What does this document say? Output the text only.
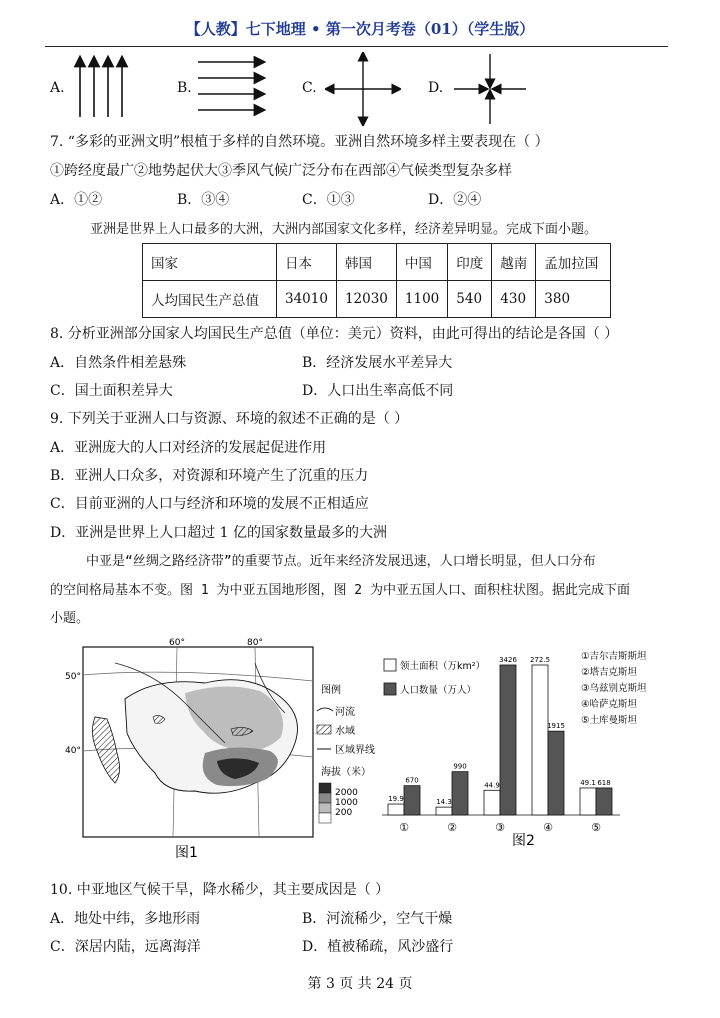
【人教】七下地理 • 第一次月考卷（01）（学生版）
A.	B.	C.	D.
7. “多彩的亚洲文明”根植于多样的自然环境。亚洲自然环境多样主要表现在（ ）
①跨经度最广②地势起伏大③季风气候广泛分布在西部④气候类型复杂多样
A．①②	B．③④	C．①③	D．②④
亚洲是世界上人口最多的大洲，大洲内部国家文化多样，经济差异明显。完成下面小题。
国家	日本	韩国	中国	印度	越南	孟加拉国
人均国民生产总值	34010	12030	1100	540	430	380
8. 分析亚洲部分国家人均国民生产总值（单位：美元）资料，由此可得出的结论是各国（ ）
A．自然条件相差悬殊	B．经济发展水平差异大
C．国土面积差异大	D．人口出生率高低不同
9. 下列关于亚洲人口与资源、环境的叙述不正确的是（ ）
A．亚洲庞大的人口对经济的发展起促进作用
B．亚洲人口众多，对资源和环境产生了沉重的压力
C．目前亚洲的人口与经济和环境的发展不正相适应
D．亚洲是世界上人口超过 1 亿的国家数量最多的大洲
中亚是“丝绸之路经济带”的重要节点。近年来经济发展迅速，人口增长明显，但人口分布
的空间格局基本不变。图 1 为中亚五国地形图，图 2 为中亚五国人口、面积柱状图。据此完成下面
小题。
60°	80°
50°
40°
图例
河流
水域
区域界线
海拔（米）
2000
1000
200
图1
领土面积（万km²）
人口数量（万人）
①吉尔吉斯斯坦
②塔吉克斯坦
③乌兹别克斯坦
④哈萨克斯坦
⑤土库曼斯坦
19.9
670
①
14.3
990
②
44.9
3426
③
272.5
1915
④
49.1 618
⑤
图2
10. 中亚地区气候干旱，降水稀少，其主要成因是（ ）
A．地处中纬，多地形雨	B．河流稀少，空气干燥
C．深居内陆，远离海洋	D．植被稀疏，风沙盛行
第 3 页 共 24 页
